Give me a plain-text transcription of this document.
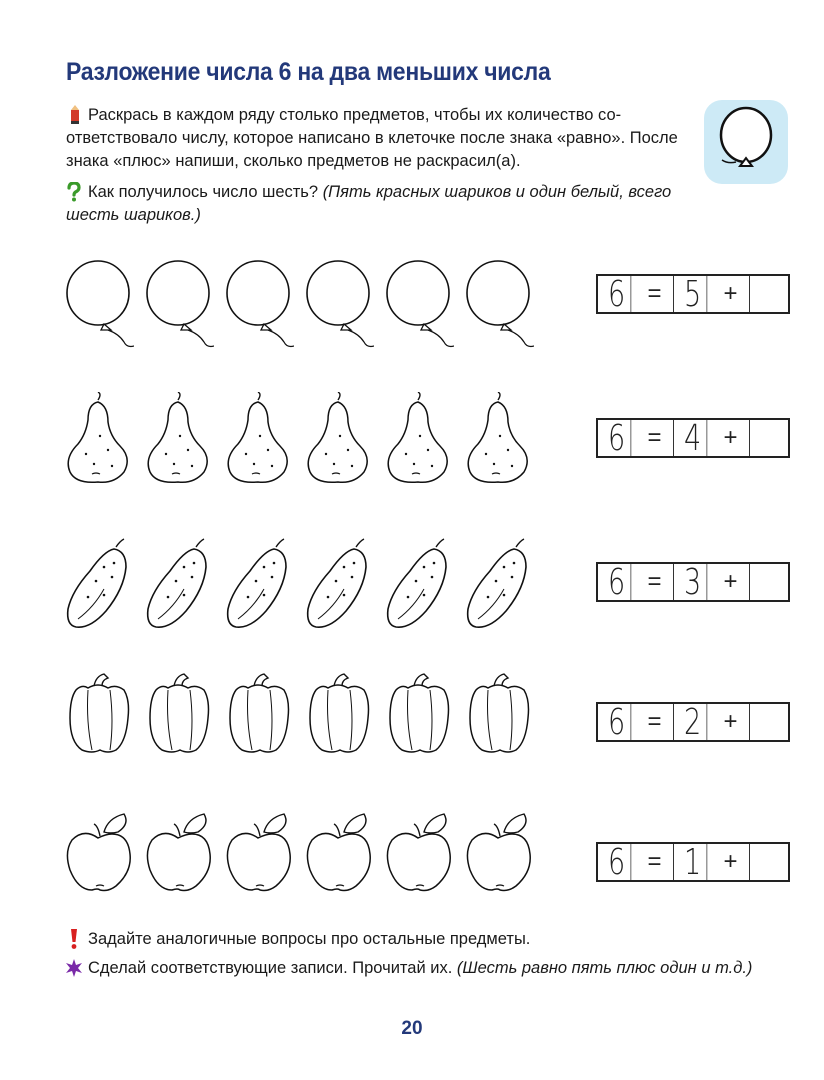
Разложение числа 6 на два меньших числа
Раскрась в каждом ряду столько предметов, чтобы их количество со-ответствовало числу, которое написано в клеточке после знака «равно». После знака «плюс» напиши, сколько предметов не раскрасил(а).
Как получилось число шесть? (Пять красных шариков и один белый, всего шесть шариков.)
6 = 5 +
6 = 4 +
6 = 3 +
6 = 2 +
6 = 1 +
Задайте аналогичные вопросы про остальные предметы.
Сделай соответствующие записи. Прочитай их. (Шесть равно пять плюс один и т.д.)
20
